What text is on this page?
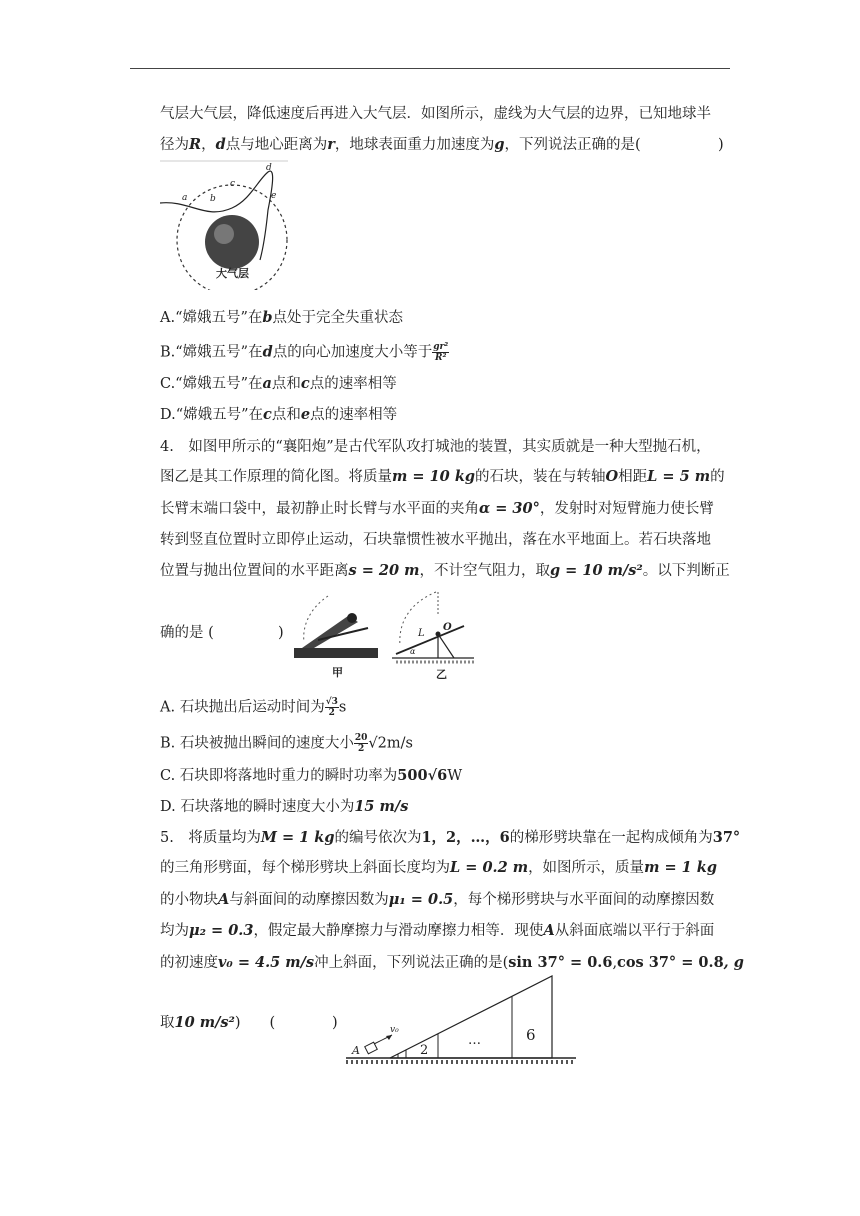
气层大气层，降低速度后再进入大气层．如图所示，虚线为大气层的边界，已知地球半
径为R，d点与地心距离为r，地球表面重力加速度为g，下列说法正确的是(	)
a	b
c
d
e
大气层
A.“嫦娥五号”在b点处于完全失重状态
B.“嫦娥五号”在d点的向心加速度大小等于 $\frac{\text{gr²}}{\text{R²}}$
C.“嫦娥五号”在a点和c点的速率相等
D.“嫦娥五号”在c点和e点的速率相等
4.　如图甲所示的“襄阳炮”是古代军队攻打城池的装置，其实质就是一种大型抛石机，
图乙是其工作原理的简化图。将质量m = 10 kg的石块，装在与转轴O相距L = 5 m的
长臂末端口袋中，最初静止时长臂与水平面的夹角α = 30°，发射时对短臂施力使长臂
转到竖直位置时立即停止运动，石块靠惯性被水平抛出，落在水平地面上。若石块落地
位置与抛出位置间的水平距离s = 20 m，不计空气阻力，取g = 10 m/s²。以下判断正
确的是 (	)
甲
L
O
α
乙
A. 石块抛出后运动时间为 $\frac{√3}{2}$ s
B. 石块被抛出瞬间的速度大小 $\frac{20}{2} √2m/s$
C. 石块即将落地时重力的瞬时功率为500√6W
D. 石块落地的瞬时速度大小为15 m/s
5.　将质量均为M = 1 kg的编号依次为1，2，…，6的梯形劈块靠在一起构成倾角为37°
的三角形劈面，每个梯形劈块上斜面长度均为L = 0.2 m，如图所示，质量m = 1 kg
的小物块A与斜面间的动摩擦因数为μ₁ = 0.5，每个梯形劈块与水平面间的动摩擦因数
均为μ₂ = 0.3，假定最大静摩擦力与滑动摩擦力相等．现使A从斜面底端以平行于斜面
的初速度v₀ = 4.5 m/s冲上斜面，下列说法正确的是(sin 37° = 0.6,cos 37° = 0.8, g
取10 m/s²)　　(	)
A
v₀
2
…	6
